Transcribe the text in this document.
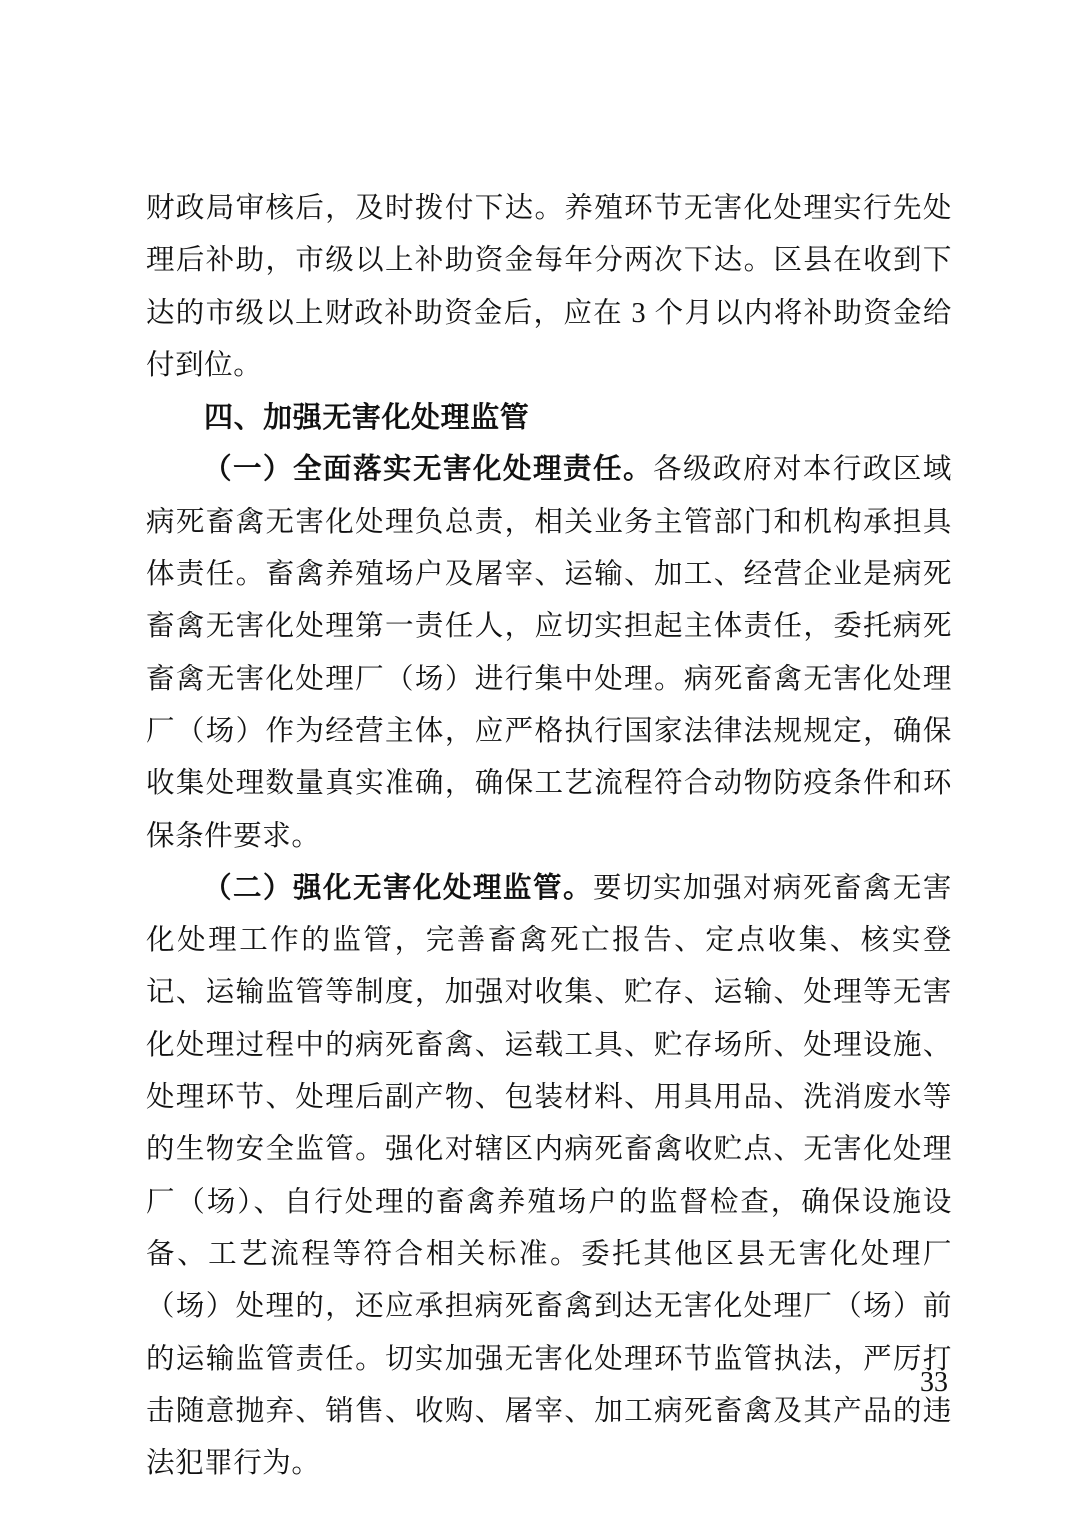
财政局审核后，及时拨付下达。养殖环节无害化处理实行先处理后补助，市级以上补助资金每年分两次下达。区县在收到下达的市级以上财政补助资金后，应在 3 个月以内将补助资金给付到位。

四、加强无害化处理监管

（一）全面落实无害化处理责任。各级政府对本行政区域病死畜禽无害化处理负总责，相关业务主管部门和机构承担具体责任。畜禽养殖场户及屠宰、运输、加工、经营企业是病死畜禽无害化处理第一责任人，应切实担起主体责任，委托病死畜禽无害化处理厂（场）进行集中处理。病死畜禽无害化处理厂（场）作为经营主体，应严格执行国家法律法规规定，确保收集处理数量真实准确，确保工艺流程符合动物防疫条件和环保条件要求。

（二）强化无害化处理监管。要切实加强对病死畜禽无害化处理工作的监管，完善畜禽死亡报告、定点收集、核实登记、运输监管等制度，加强对收集、贮存、运输、处理等无害化处理过程中的病死畜禽、运载工具、贮存场所、处理设施、处理环节、处理后副产物、包装材料、用具用品、洗消废水等的生物安全监管。强化对辖区内病死畜禽收贮点、无害化处理厂（场）、自行处理的畜禽养殖场户的监督检查，确保设施设备、工艺流程等符合相关标准。委托其他区县无害化处理厂（场）处理的，还应承担病死畜禽到达无害化处理厂（场）前的运输监管责任。切实加强无害化处理环节监管执法，严厉打击随意抛弃、销售、收购、屠宰、加工病死畜禽及其产品的违法犯罪行为。

33
